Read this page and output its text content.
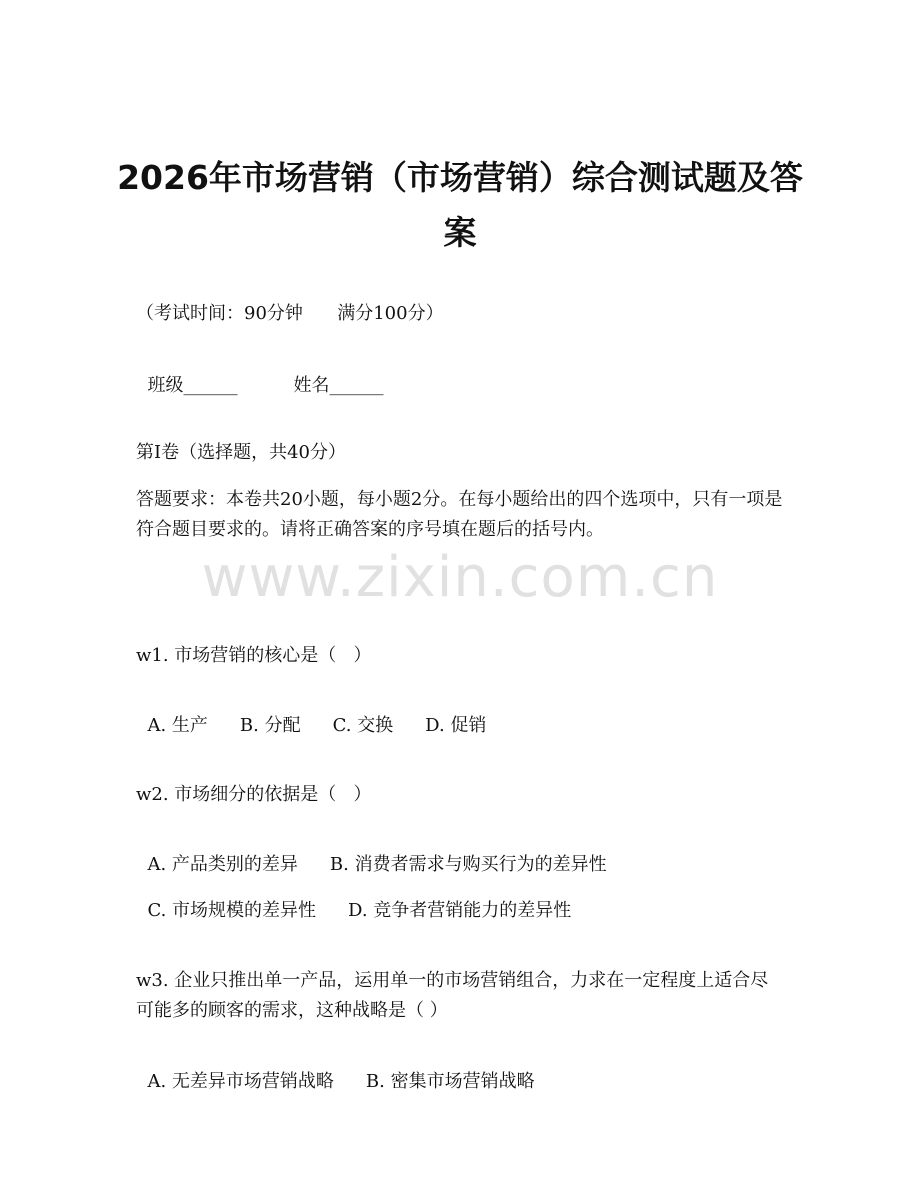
2026年市场营销（市场营销）综合测试题及答案
（考试时间：90分钟      满分100分）

班级______	姓名______

第Ⅰ卷（选择题，共40分）
答题要求：本卷共20小题，每小题2分。在每小题给出的四个选项中，只有一项是符合题目要求的。请将正确答案的序号填在题后的括号内。
www.zixin.com.cn
w1. 市场营销的核心是（   ）

A. 生产 B. 分配 C. 交换 D. 促销

w2. 市场细分的依据是（   ）

A. 产品类别的差异 B. 消费者需求与购买行为的差异性

C. 市场规模的差异性 D. 竞争者营销能力的差异性

w3. 企业只推出单一产品，运用单一的市场营销组合，力求在一定程度上适合尽可能多的顾客的需求，这种战略是（ ）

A. 无差异市场营销战略 B. 密集市场营销战略
